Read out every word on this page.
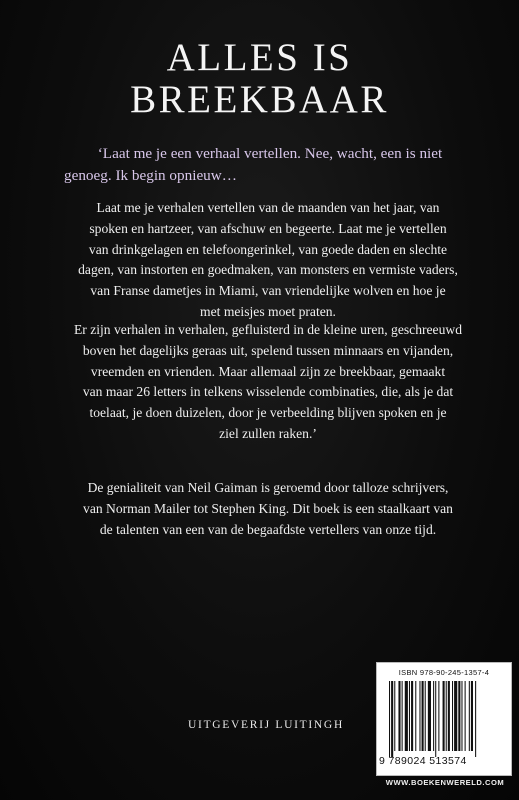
ALLES IS
BREEKBAAR
‘Laat me je een verhaal vertellen. Nee, wacht, een is niet
genoeg. Ik begin opnieuw…
Laat me je verhalen vertellen van de maanden van het jaar, van
spoken en hartzeer, van afschuw en begeerte. Laat me je vertellen
van drinkgelagen en telefoongerinkel, van goede daden en slechte
dagen, van instorten en goedmaken, van monsters en vermiste vaders,
van Franse dametjes in Miami, van vriendelijke wolven en hoe je
met meisjes moet praten.
Er zijn verhalen in verhalen, gefluisterd in de kleine uren, geschreeuwd
boven het dagelijks geraas uit, spelend tussen minnaars en vijanden,
vreemden en vrienden. Maar allemaal zijn ze breekbaar, gemaakt
van maar 26 letters in telkens wisselende combinaties, die, als je dat
toelaat, je doen duizelen, door je verbeelding blijven spoken en je
ziel zullen raken.’
De genialiteit van Neil Gaiman is geroemd door talloze schrijvers,
van Norman Mailer tot Stephen King. Dit boek is een staalkaart van
de talenten van een van de begaafdste vertellers van onze tijd.
ISBN 978-90-245-1357-4
9 789024 513574
UITGEVERIJ LUITINGH
WWW.BOEKENWERELD.COM
